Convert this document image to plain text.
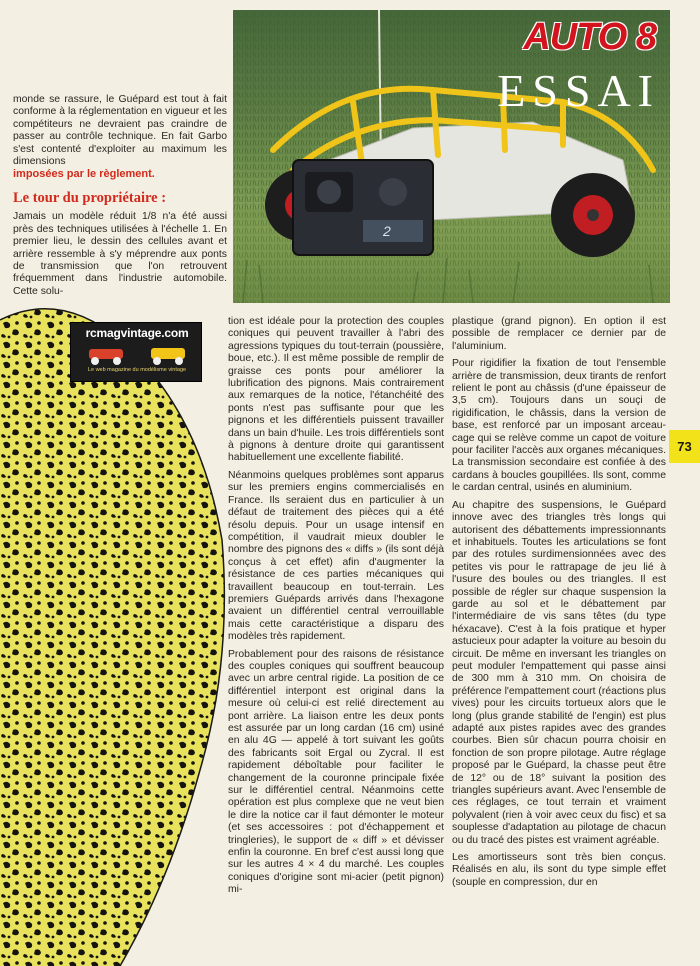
2
AUTO 8
ESSAI
rcmagvintage.com
Le web magazine du modélisme vintage
73

monde se rassure, le Guépard est tout à fait conforme à la réglementation en vigueur et les compétiteurs ne devraient pas craindre de passer au contrôle technique. En fait Garbo s'est contenté d'exploiter au maximum les dimensions

imposées par le règlement.

Le tour du propriétaire :

Jamais un modèle réduit 1/8 n'a été aussi près des techniques utilisées à l'échelle 1. En premier lieu, le dessin des cellules avant et arrière ressemble à s'y méprendre aux ponts de transmission que l'on retrouvent fréquemment dans l'industrie automobile. Cette solu-

tion est idéale pour la protection des couples coniques qui peuvent travailler à l'abri des agressions typiques du tout-terrain (poussière, boue, etc.). Il est même possible de remplir de graisse ces ponts pour améliorer la lubrification des pignons. Mais contrairement aux remarques de la notice, l'étanchéité des ponts n'est pas suffisante pour que les pignons et les différentiels puissent travailler dans un bain d'huile. Les trois différentiels sont à pignons à denture droite qui garantissent habituellement une excellente fiabilité.

Néanmoins quelques problèmes sont apparus sur les premiers engins commercialisés en France. Ils seraient dus en particulier à un défaut de traitement des pièces qui a été résolu depuis. Pour un usage intensif en compétition, il vaudrait mieux doubler le nombre des pignons des « diffs » (ils sont déjà conçus à cet effet) afin d'augmenter la résistance de ces parties mécaniques qui travaillent beaucoup en tout-terrain. Les premiers Guépards arrivés dans l'hexagone avaient un différentiel central verrouillable mais cette caractéristique a disparu des modèles très rapidement.

Probablement pour des raisons de résistance des couples coniques qui souffrent beaucoup avec un arbre central rigide. La position de ce différentiel interpont est original dans la mesure où celui-ci est relié directement au pont arrière. La liaison entre les deux ponts est assurée par un long cardan (16 cm) usiné en alu 4G — appelé à tort suivant les goûts des fabricants soit Ergal ou Zycral. Il est rapidement déboîtable pour faciliter le changement de la couronne principale fixée sur le différentiel central. Néanmoins cette opération est plus complexe que ne veut bien le dire la notice car il faut démonter le moteur (et ses accessoires : pot d'échappement et tringleries), le support de « diff » et dévisser enfin la couronne. En bref c'est aussi long que sur les autres 4 × 4 du marché. Les couples coniques d'origine sont mi-acier (petit pignon) mi-

plastique (grand pignon). En option il est possible de remplacer ce dernier par de l'aluminium.

Pour rigidifier la fixation de tout l'ensemble arrière de transmission, deux tirants de renfort relient le pont au châssis (d'une épaisseur de 3,5 cm). Toujours dans un souçi de rigidification, le châssis, dans la version de base, est renforcé par un imposant arceau-cage qui se relève comme un capot de voiture pour faciliter l'accès aux organes mécaniques. La transmission secondaire est confiée à des cardans à boucles goupillées. Ils sont, comme le cardan central, usinés en aluminium.

Au chapitre des suspensions, le Guépard innove avec des triangles très longs qui autorisent des débattements impressionnants et inhabituels. Toutes les articulations se font par des rotules surdimensionnées avec des petites vis pour le rattrapage de jeu lié à l'usure des boules ou des triangles. Il est possible de régler sur chaque suspension la garde au sol et le débattement par l'intermédiaire de vis sans têtes (du type héxacave). C'est à la fois pratique et hyper astucieux pour adapter la voiture au besoin du circuit. De même en inversant les triangles on peut moduler l'empattement qui passe ainsi de 300 mm à 310 mm. On choisira de préférence l'empattement court (réactions plus vives) pour les circuits tortueux alors que le long (plus grande stabilité de l'engin) est plus adapté aux pistes rapides avec des grandes courbes. Bien sûr chacun pourra choisir en fonction de son propre pilotage. Autre réglage proposé par le Guépard, la chasse peut être de 12° ou de 18° suivant la position des triangles supérieurs avant. Avec l'ensemble de ces réglages, ce tout terrain et vraiment polyvalent (rien à voir avec ceux du fisc) et sa souplesse d'adaptation au pilotage de chacun ou du tracé des pistes est vraiment agréable.

Les amortisseurs sont très bien conçus. Réalisés en alu, ils sont du type simple effet (souple en compression, dur en
